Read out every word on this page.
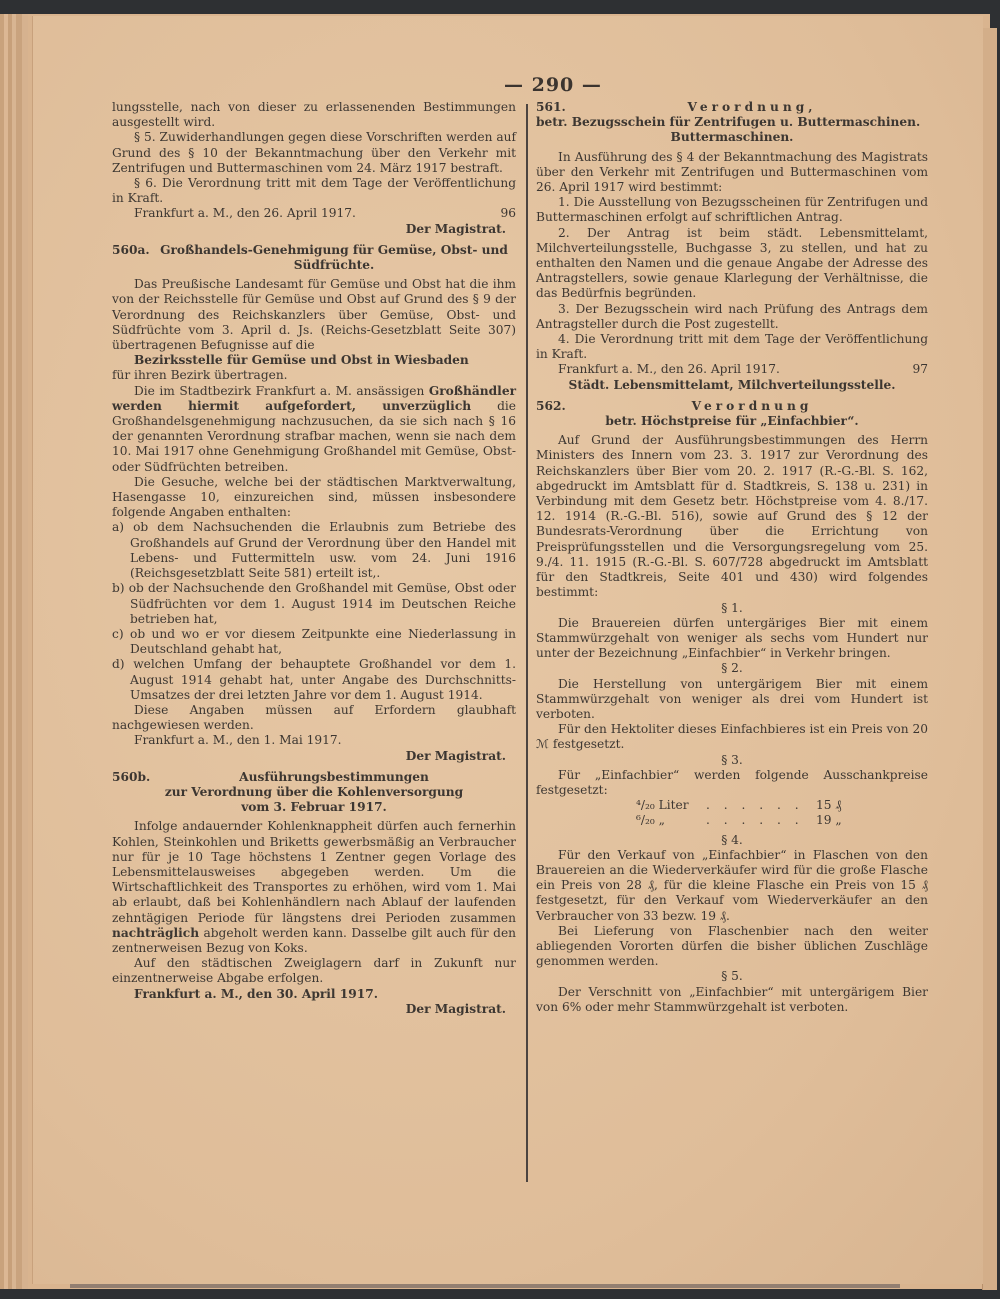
— 290 —

lungsstelle, nach von dieser zu erlassenenden Bestimmungen ausgestellt wird.

§ 5. Zuwiderhandlungen gegen diese Vorschriften werden auf Grund des § 10 der Bekanntmachung über den Verkehr mit Zentrifugen und Buttermaschinen vom 24. März 1917 bestraft.

§ 6. Die Verordnung tritt mit dem Tage der Veröffentlichung in Kraft.

Frankfurt a. M., den 26. April 1917.	96

Der Magistrat.

560a. Großhandels-Genehmigung für Gemüse, Obst- und Südfrüchte.

Das Preußische Landesamt für Gemüse und Obst hat die ihm von der Reichsstelle für Gemüse und Obst auf Grund des § 9 der Verordnung des Reichskanzlers über Gemüse, Obst- und Südfrüchte vom 3. April d. Js. (Reichs-Gesetzblatt Seite 307) übertragenen Befugnisse auf die

Bezirksstelle für Gemüse und Obst in Wiesbaden

für ihren Bezirk übertragen.

Die im Stadtbezirk Frankfurt a. M. ansässigen Großhändler werden hiermit aufgefordert, unverzüglich die Großhandelsgenehmigung nachzusuchen, da sie sich nach § 16 der genannten Verordnung strafbar machen, wenn sie nach dem 10. Mai 1917 ohne Genehmigung Großhandel mit Gemüse, Obst- oder Südfrüchten betreiben.

Die Gesuche, welche bei der städtischen Marktverwaltung, Hasengasse 10, einzureichen sind, müssen insbesondere folgende Angaben enthalten:

a) ob dem Nachsuchenden die Erlaubnis zum Betriebe des Großhandels auf Grund der Verordnung über den Handel mit Lebens- und Futtermitteln usw. vom 24. Juni 1916 (Reichsgesetzblatt Seite 581) erteilt ist,.

b) ob der Nachsuchende den Großhandel mit Gemüse, Obst oder Südfrüchten vor dem 1. August 1914 im Deutschen Reiche betrieben hat,

c) ob und wo er vor diesem Zeitpunkte eine Niederlassung in Deutschland gehabt hat,

d) welchen Umfang der behauptete Großhandel vor dem 1. August 1914 gehabt hat, unter Angabe des Durchschnitts-Umsatzes der drei letzten Jahre vor dem 1. August 1914.

Diese Angaben müssen auf Erfordern glaubhaft nachgewiesen werden.

Frankfurt a. M., den 1. Mai 1917.

Der Magistrat.

560b.	Ausführungsbestimmungen

zur Verordnung über die Kohlenversorgung

vom 3. Februar 1917.

Infolge andauernder Kohlenknappheit dürfen auch fernerhin Kohlen, Steinkohlen und Briketts gewerbsmäßig an Verbraucher nur für je 10 Tage höchstens 1 Zentner gegen Vorlage des Lebensmittelausweises abgegeben werden. Um die Wirtschaftlichkeit des Transportes zu erhöhen, wird vom 1. Mai ab erlaubt, daß bei Kohlenhändlern nach Ablauf der laufenden zehntägigen Periode für längstens drei Perioden zusammen nachträglich abgeholt werden kann. Dasselbe gilt auch für den zentnerweisen Bezug von Koks.

Auf den städtischen Zweiglagern darf in Zukunft nur einzentnerweise Abgabe erfolgen.

Frankfurt a. M., den 30. April 1917.

Der Magistrat.

561.	Verordnung,

betr. Bezugsschein für Zentrifugen u. Buttermaschinen.

Buttermaschinen.

In Ausführung des § 4 der Bekanntmachung des Magistrats über den Verkehr mit Zentrifugen und Buttermaschinen vom 26. April 1917 wird bestimmt:

1. Die Ausstellung von Bezugsscheinen für Zentrifugen und Buttermaschinen erfolgt auf schriftlichen Antrag.

2. Der Antrag ist beim städt. Lebensmittelamt, Milchverteilungsstelle, Buchgasse 3, zu stellen, und hat zu enthalten den Namen und die genaue Angabe der Adresse des Antragstellers, sowie genaue Klarlegung der Verhältnisse, die das Bedürfnis begründen.

3. Der Bezugsschein wird nach Prüfung des Antrags dem Antragsteller durch die Post zugestellt.

4. Die Verordnung tritt mit dem Tage der Veröffentlichung in Kraft.

Frankfurt a. M., den 26. April 1917.	97

Städt. Lebensmittelamt, Milchverteilungsstelle.

562.	Verordnung

betr. Höchstpreise für „Einfachbier“.

Auf Grund der Ausführungsbestimmungen des Herrn Ministers des Innern vom 23. 3. 1917 zur Verordnung des Reichskanzlers über Bier vom 20. 2. 1917 (R.-G.-Bl. S. 162, abgedruckt im Amtsblatt für d. Stadtkreis, S. 138 u. 231) in Verbindung mit dem Gesetz betr. Höchstpreise vom 4. 8./17. 12. 1914 (R.-G.-Bl. 516), sowie auf Grund des § 12 der Bundesrats-Verordnung über die Errichtung von Preisprüfungsstellen und die Versorgungsregelung vom 25. 9./4. 11. 1915 (R.-G.-Bl. S. 607/728 abgedruckt im Amtsblatt für den Stadtkreis, Seite 401 und 430) wird folgendes bestimmt:

§ 1.

Die Brauereien dürfen untergäriges Bier mit einem Stammwürzgehalt von weniger als sechs vom Hundert nur unter der Bezeichnung „Einfachbier“ in Verkehr bringen.

§ 2.

Die Herstellung von untergärigem Bier mit einem Stammwürzgehalt von weniger als drei vom Hundert ist verboten.

Für den Hektoliter dieses Einfachbieres ist ein Preis von 20 ℳ festgesetzt.

§ 3.

Für „Einfachbier“ werden folgende Ausschankpreise festgesetzt:

⁴/₂₀ Liter	. . . . . .	15 ₰
⁶/₂₀ „	. . . . . .	19 „

§ 4.

Für den Verkauf von „Einfachbier“ in Flaschen von den Brauereien an die Wiederverkäufer wird für die große Flasche ein Preis von 28 ₰, für die kleine Flasche ein Preis von 15 ₰ festgesetzt, für den Verkauf vom Wiederverkäufer an den Verbraucher von 33 bezw. 19 ₰.

Bei Lieferung von Flaschenbier nach den weiter abliegenden Vororten dürfen die bisher üblichen Zuschläge genommen werden.

§ 5.

Der Verschnitt von „Einfachbier“ mit untergärigem Bier von 6% oder mehr Stammwürzgehalt ist verboten.
